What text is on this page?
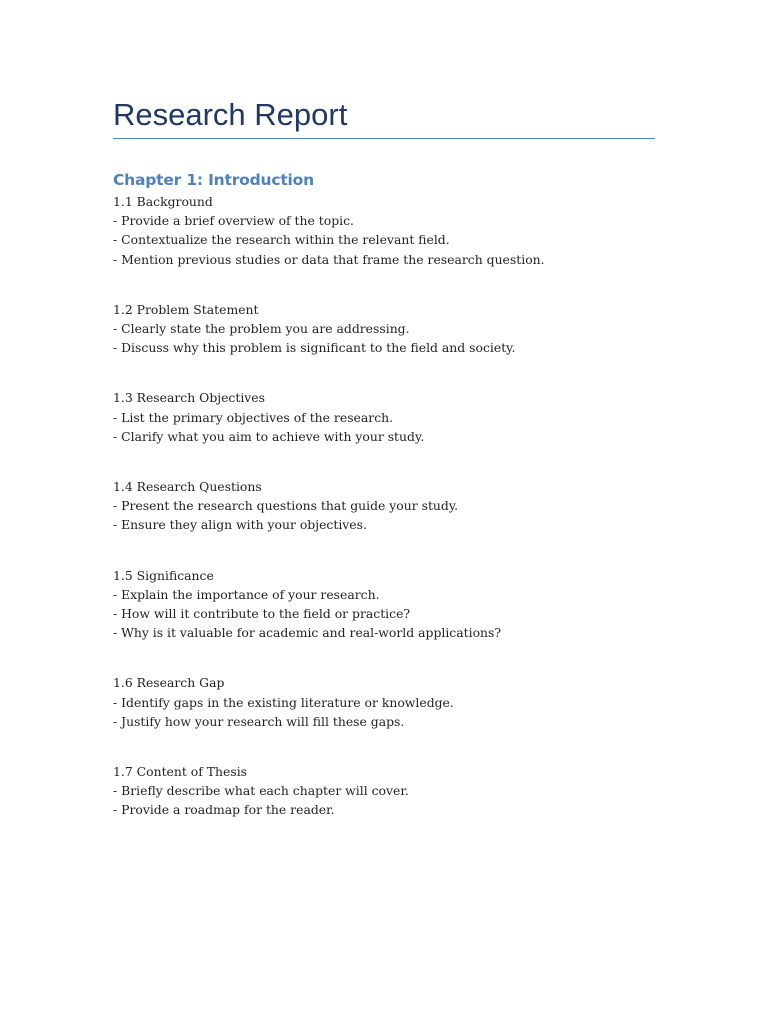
Research Report
Chapter 1: Introduction
1.1 Background
- Provide a brief overview of the topic.
- Contextualize the research within the relevant field.
- Mention previous studies or data that frame the research question.
1.2 Problem Statement
- Clearly state the problem you are addressing.
- Discuss why this problem is significant to the field and society.
1.3 Research Objectives
- List the primary objectives of the research.
- Clarify what you aim to achieve with your study.
1.4 Research Questions
- Present the research questions that guide your study.
- Ensure they align with your objectives.
1.5 Significance
- Explain the importance of your research.
- How will it contribute to the field or practice?
- Why is it valuable for academic and real-world applications?
1.6 Research Gap
- Identify gaps in the existing literature or knowledge.
- Justify how your research will fill these gaps.
1.7 Content of Thesis
- Briefly describe what each chapter will cover.
- Provide a roadmap for the reader.
